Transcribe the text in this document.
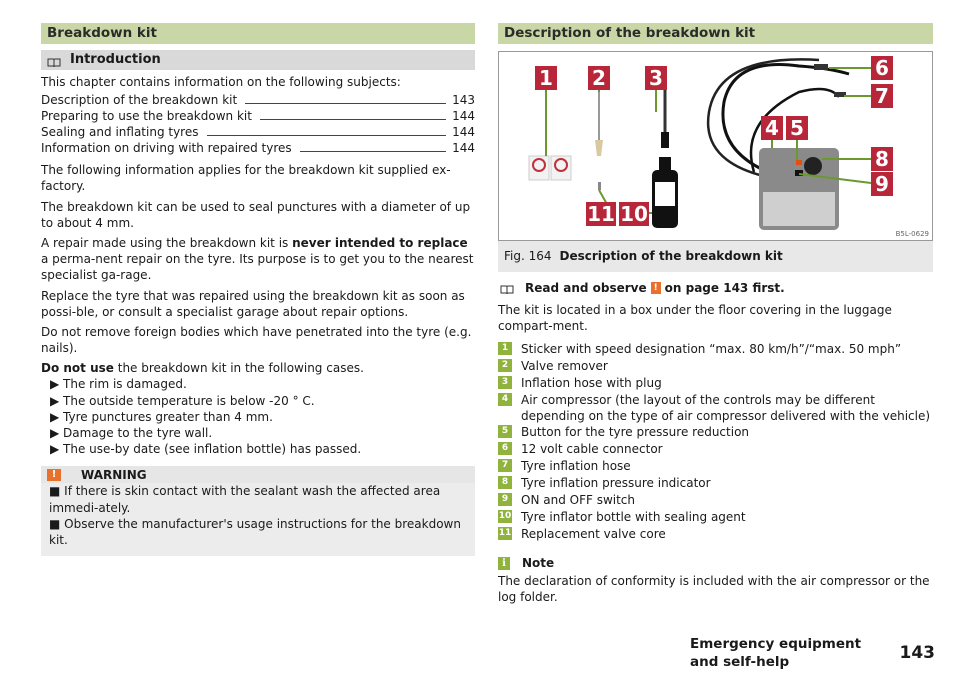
Breakdown kit
Introduction

This chapter contains information on the following subjects:

Description of the breakdown kit	143
Preparing to use the breakdown kit	144
Sealing and inflating tyres	144
Information on driving with repaired tyres	144

The following information applies for the breakdown kit supplied ex-factory.

The breakdown kit can be used to seal punctures with a diameter of up to about 4 mm.

A repair made using the breakdown kit is never intended to replace a perma-nent repair on the tyre. Its purpose is to get you to the nearest specialist ga-rage.

Replace the tyre that was repaired using the breakdown kit as soon as possi-ble, or consult a specialist garage about repair options.

Do not remove foreign bodies which have penetrated into the tyre (e.g. nails).

Do not use the breakdown kit in the following cases.

▶ The rim is damaged.
▶ The outside temperature is below -20 ° C.
▶ Tyre punctures greater than 4 mm.
▶ Damage to the tyre wall.
▶ The use-by date (see inflation bottle) has passed.
!	WARNING
■ If there is skin contact with the sealant wash the affected area immedi-ately.
■ Observe the manufacturer's usage instructions for the breakdown kit.
Description of the breakdown kit
1 2 3
4 5
6
7
8
9
10
11
B5L-0629
Fig. 164 Description of the breakdown kit
Read and observe ! on page 143 first.

The kit is located in a box under the floor covering in the luggage compart-ment.

1	Sticker with speed designation “max. 80 km/h”/“max. 50 mph”
2	Valve remover
3	Inflation hose with plug
4	Air compressor (the layout of the controls may be different depending on the type of air compressor delivered with the vehicle)
5	Button for the tyre pressure reduction
6	12 volt cable connector
7	Tyre inflation hose
8	Tyre inflation pressure indicator
9	ON and OFF switch
10 Tyre inflator bottle with sealing agent
11 Replacement valve core
i	Note

The declaration of conformity is included with the air compressor or the log folder.

Emergency equipment and self-help	143
